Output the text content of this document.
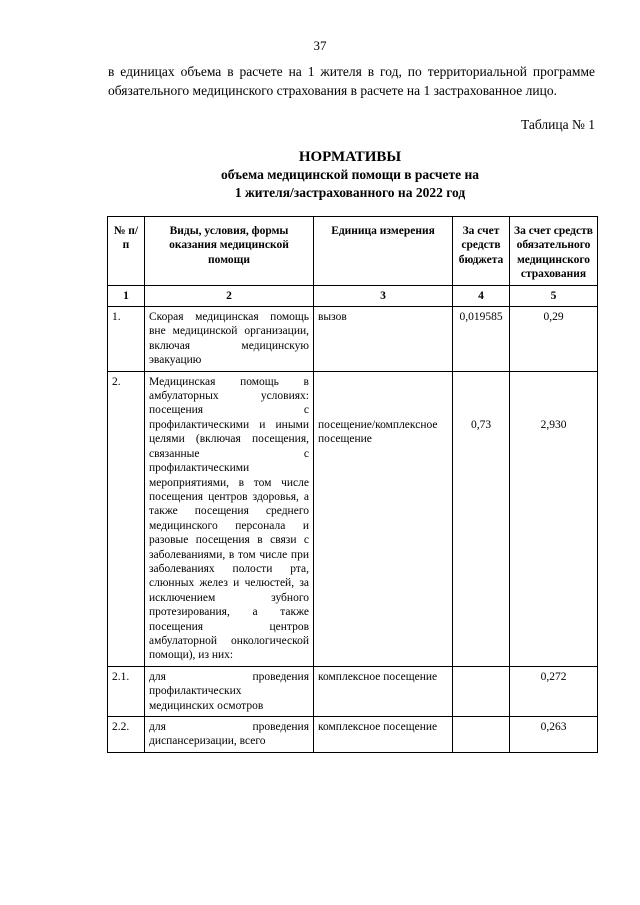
37

в единицах объема в расчете на 1 жителя в год, по территориальной программе обязательного медицинского страхования в расчете на 1 застрахованное лицо.

Таблица № 1
НОРМАТИВЫ
объема медицинской помощи в расчете на
1 жителя/застрахованного на 2022 год
№ п/п	Виды, условия, формы оказания медицинской помощи	Единица измерения	За счет средств бюджета	За счет средств обязательного медицинского страхования
1	2	3	4	5
1.	Скорая медицинская помощь вне медицинской организации, включая медицинскую эвакуацию	вызов	0,019585	0,29
2.	Медицинская помощь в амбулаторных условиях: посещения с профилактическими и иными целями (включая посещения, связанные с профилактическими мероприятиями, в том числе посещения центров здоровья, а также посещения среднего медицинского персонала и разовые посещения в связи с заболеваниями, в том числе при заболеваниях полости рта, слюнных желез и челюстей, за исключением зубного протезирования, а также посещения центров амбулаторной онкологической помощи), из них:	посещение/комплексное посещение	0,73	2,930
2.1.	для проведения профилактических медицинских осмотров	комплексное посещение		0,272
2.2.	для проведения диспансеризации, всего	комплексное посещение		0,263
